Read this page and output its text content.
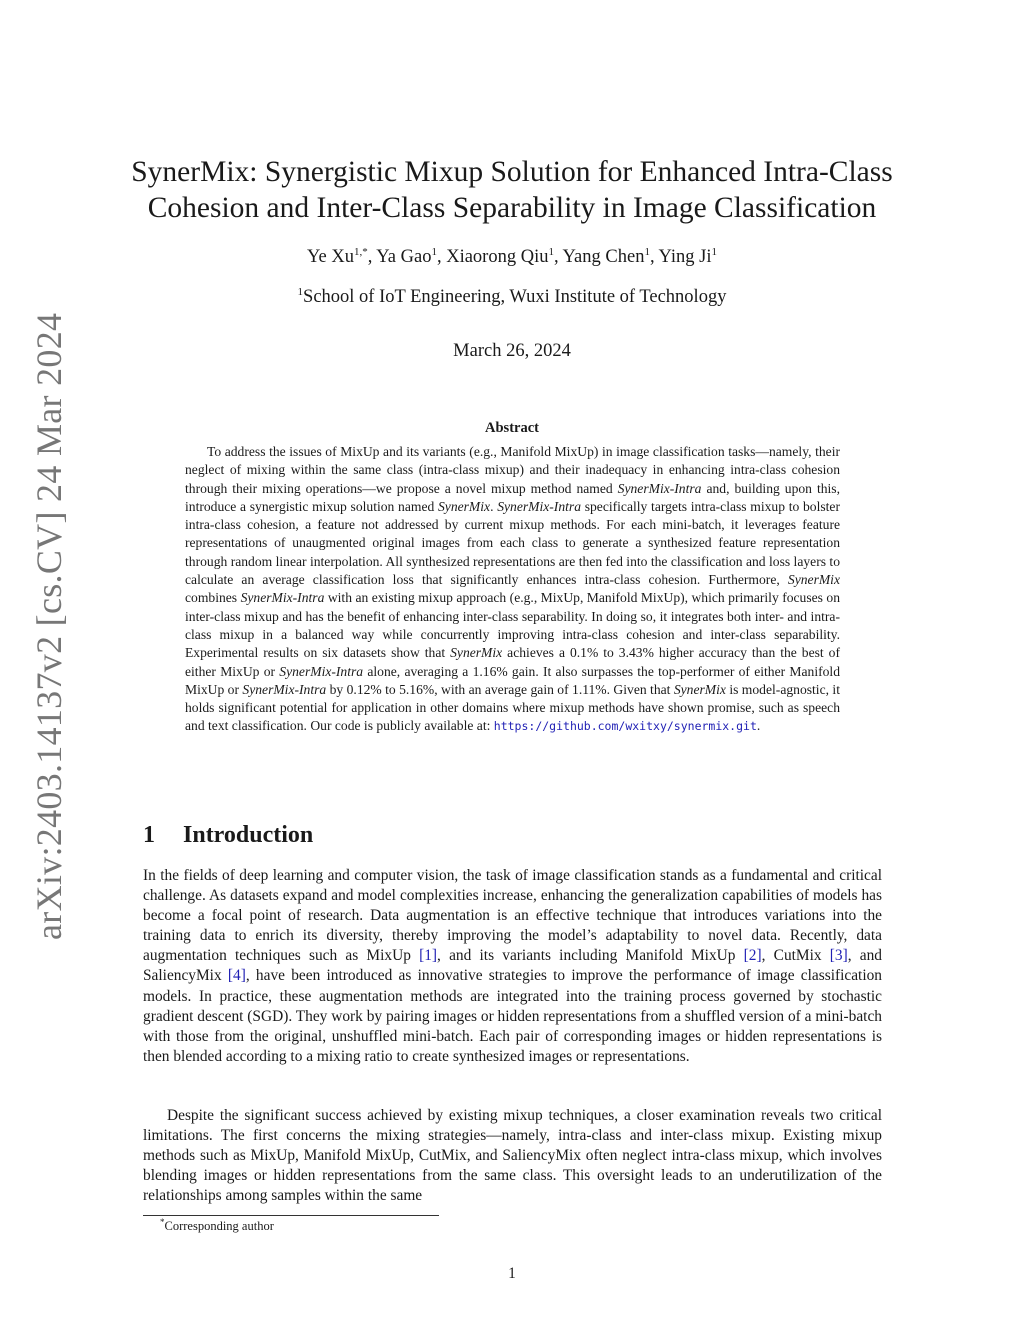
arXiv:2403.14137v2 [cs.CV] 24 Mar 2024
SynerMix: Synergistic Mixup Solution for Enhanced Intra-Class
Cohesion and Inter-Class Separability in Image Classification
Ye $Xu^{1,*}$, Ya Gao$^1$, Xiaorong Qiu$^1$, Yang Chen$^1$, Ying Ji$^1$
$^1$School of IoT Engineering, Wuxi Institute of Technology
March 26, 2024
Abstract

To address the issues of MixUp and its variants (e.g., Manifold MixUp) in image classification tasks—namely, their neglect of mixing within the same class (intra-class mixup) and their inadequacy in enhancing intra-class cohesion through their mixing operations—we propose a novel mixup method named SynerMix-Intra and, building upon this, introduce a synergistic mixup solution named SynerMix. SynerMix-Intra specifically targets intra-class mixup to bolster intra-class cohesion, a feature not addressed by current mixup methods. For each mini-batch, it leverages feature representations of unaugmented original images from each class to generate a synthesized feature representation through random linear interpolation. All synthesized representations are then fed into the classification and loss layers to calculate an average classification loss that significantly enhances intra-class cohesion. Furthermore, SynerMix combines SynerMix-Intra with an existing mixup approach (e.g., MixUp, Manifold MixUp), which primarily focuses on inter-class mixup and has the benefit of enhancing inter-class separability. In doing so, it integrates both inter- and intra-class mixup in a balanced way while concurrently improving intra-class cohesion and inter-class separability. Experimental results on six datasets show that SynerMix achieves a 0.1% to 3.43% higher accuracy than the best of either MixUp or SynerMix-Intra alone, averaging a 1.16% gain. It also surpasses the top-performer of either Manifold MixUp or SynerMix-Intra by 0.12% to 5.16%, with an average gain of 1.11%. Given that SynerMix is model-agnostic, it holds significant potential for application in other domains where mixup methods have shown promise, such as speech and text classification. Our code is publicly available at: https://github.com/wxitxy/synermix.git.

1 Introduction

In the fields of deep learning and computer vision, the task of image classification stands as a fundamental and critical challenge. As datasets expand and model complexities increase, enhancing the generalization capabilities of models has become a focal point of research. Data augmentation is an effective technique that introduces variations into the training data to enrich its diversity, thereby improving the model’s adaptability to novel data. Recently, data augmentation techniques such as MixUp [1], and its variants including Manifold MixUp [2], CutMix [3], and SaliencyMix [4], have been introduced as innovative strategies to improve the performance of image classification models. In practice, these augmentation methods are integrated into the training process governed by stochastic gradient descent (SGD). They work by pairing images or hidden representations from a shuffled version of a mini-batch with those from the original, unshuffled mini-batch. Each pair of corresponding images or hidden representations is then blended according to a mixing ratio to create synthesized images or representations.

Despite the significant success achieved by existing mixup techniques, a closer examination reveals two critical limitations. The first concerns the mixing strategies—namely, intra-class and inter-class mixup. Existing mixup methods such as MixUp, Manifold MixUp, CutMix, and SaliencyMix often neglect intra-class mixup, which involves blending images or hidden representations from the same class. This oversight leads to an underutilization of the relationships among samples within the same

*Corresponding author
1
